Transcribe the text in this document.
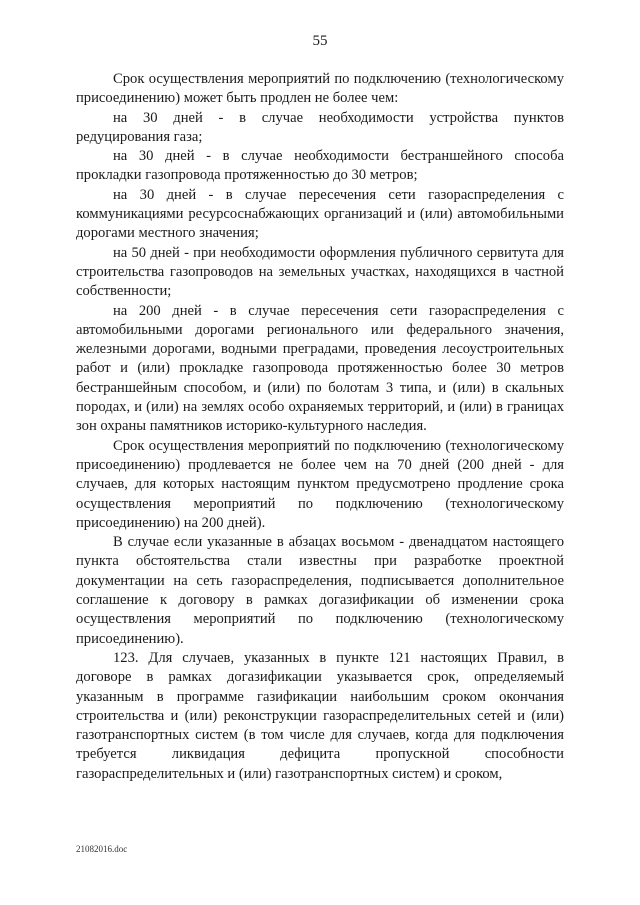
55

Срок осуществления мероприятий по подключению (технологическому присоединению) может быть продлен не более чем:

на 30 дней - в случае необходимости устройства пунктов редуцирования газа;

на 30 дней - в случае необходимости бестраншейного способа прокладки газопровода протяженностью до 30 метров;

на 30 дней - в случае пересечения сети газораспределения с коммуникациями ресурсоснабжающих организаций и (или) автомобильными дорогами местного значения;

на 50 дней - при необходимости оформления публичного сервитута для строительства газопроводов на земельных участках, находящихся в частной собственности;

на 200 дней - в случае пересечения сети газораспределения с автомобильными дорогами регионального или федерального значения, железными дорогами, водными преградами, проведения лесоустроительных работ и (или) прокладке газопровода протяженностью более 30 метров бестраншейным способом, и (или) по болотам 3 типа, и (или) в скальных породах, и (или) на землях особо охраняемых территорий, и (или) в границах зон охраны памятников историко-культурного наследия.

Срок осуществления мероприятий по подключению (технологическому присоединению) продлевается не более чем на 70 дней (200 дней - для случаев, для которых настоящим пунктом предусмотрено продление срока осуществления мероприятий по подключению (технологическому присоединению) на 200 дней).

В случае если указанные в абзацах восьмом - двенадцатом настоящего пункта обстоятельства стали известны при разработке проектной документации на сеть газораспределения, подписывается дополнительное соглашение к договору в рамках догазификации об изменении срока осуществления мероприятий по подключению (технологическому присоединению).

123. Для случаев, указанных в пункте 121 настоящих Правил, в договоре в рамках догазификации указывается срок, определяемый указанным в программе газификации наибольшим сроком окончания строительства и (или) реконструкции газораспределительных сетей и (или) газотранспортных систем (в том числе для случаев, когда для подключения требуется ликвидация дефицита пропускной способности газораспределительных и (или) газотранспортных систем) и сроком,

21082016.doc
